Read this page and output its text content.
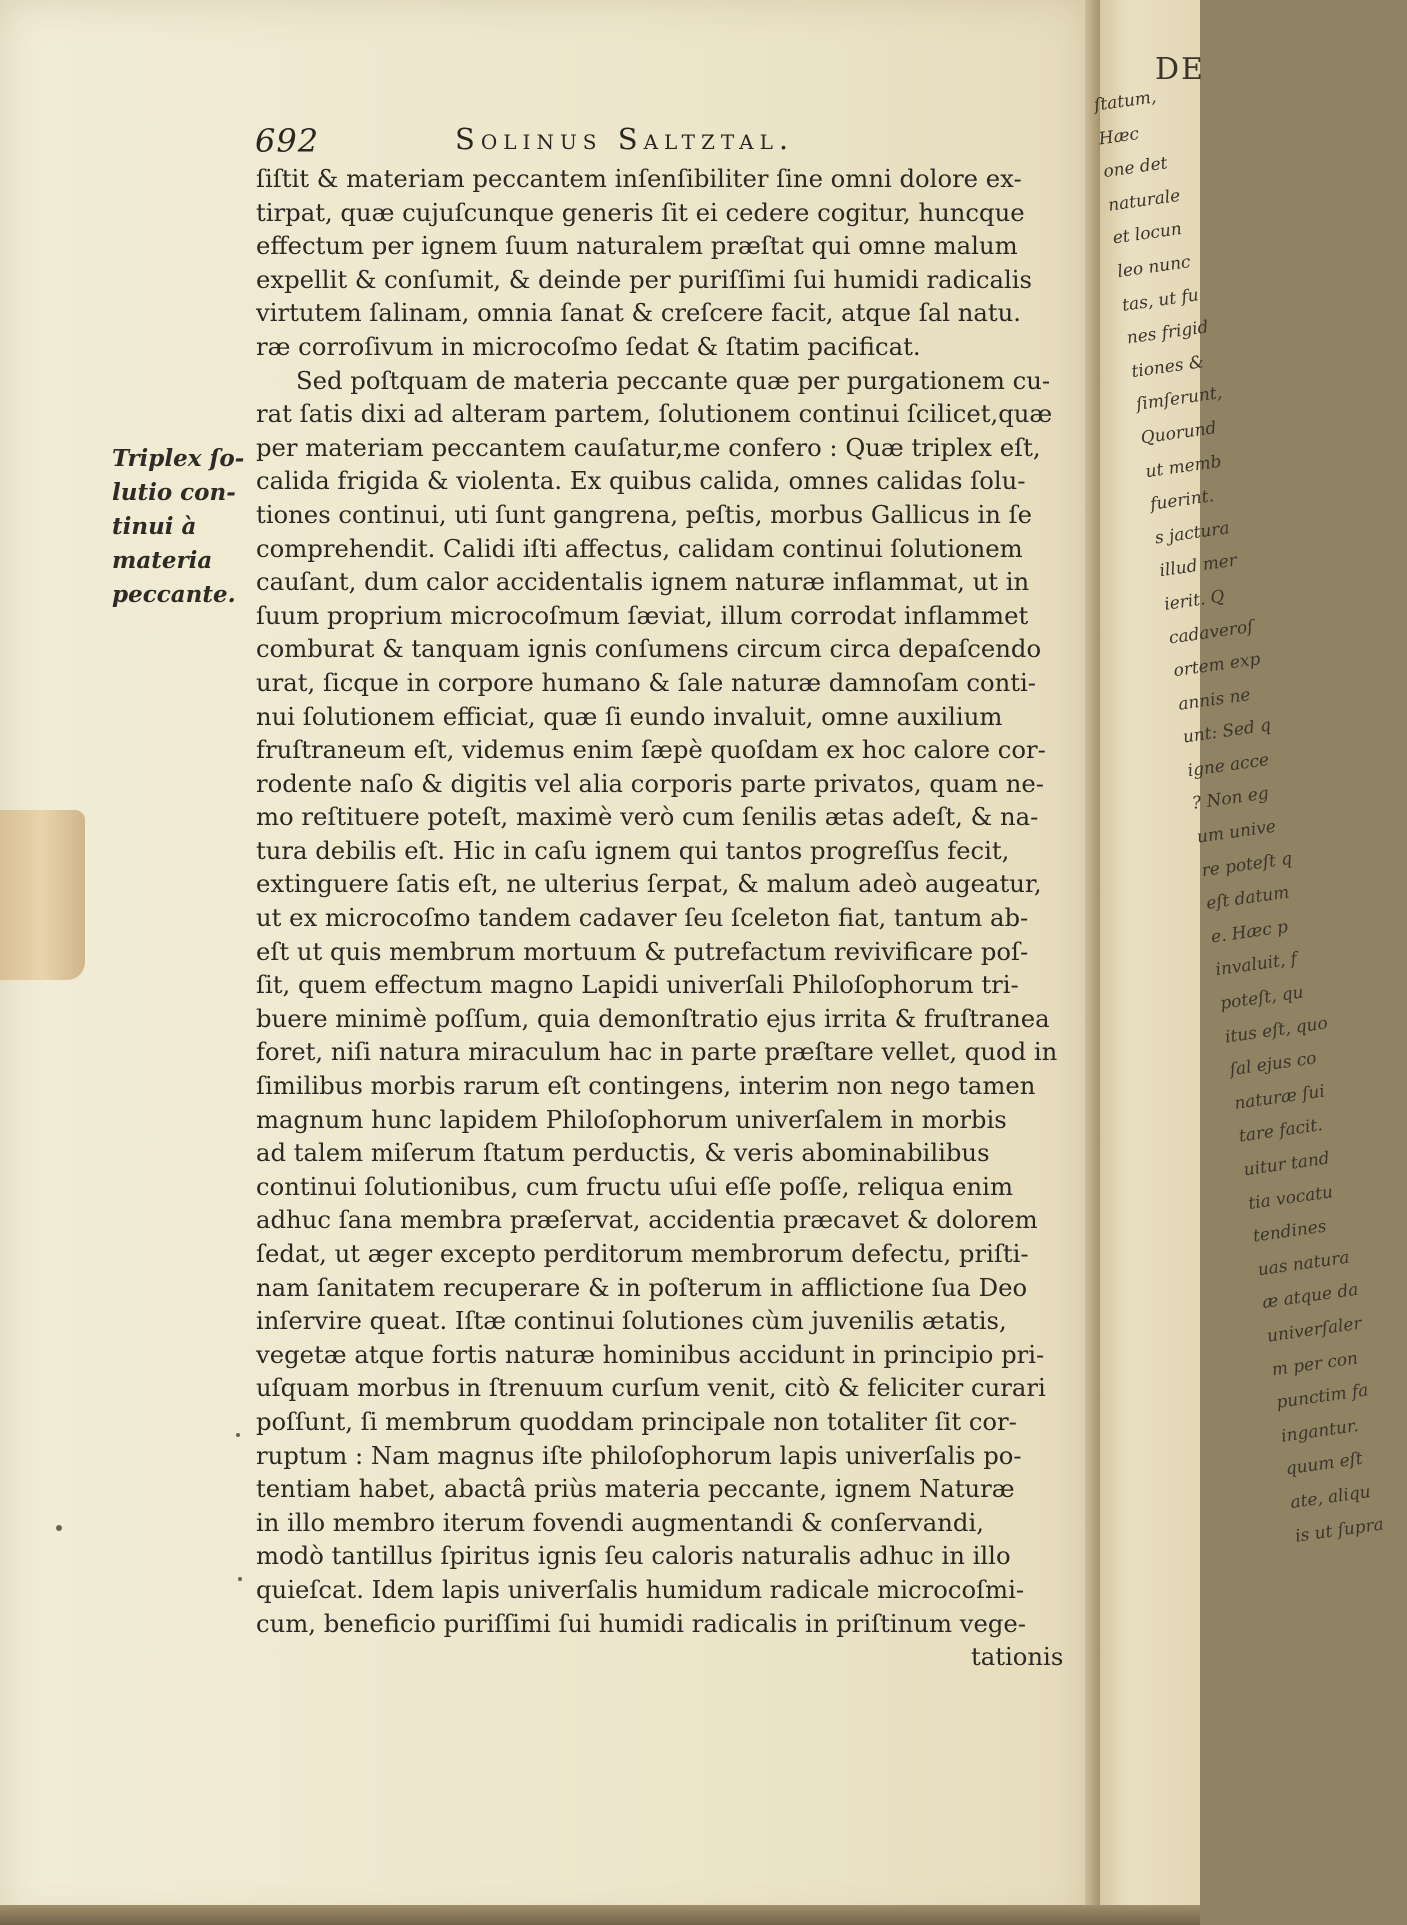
692	Solinus Saltztal.
Triplex ſo-
lutio con-
tinui à
materia
peccante.
ſiſtit & materiam peccantem inſenſibiliter ſine omni dolore ex-
tirpat, quæ cujuſcunque generis ſit ei cedere cogitur, huncque
effectum per ignem ſuum naturalem præſtat qui omne malum
expellit & conſumit, & deinde per puriſſimi ſui humidi radicalis
virtutem ſalinam, omnia ſanat & creſcere facit, atque ſal natu.
ræ corroſivum in microcoſmo ſedat & ſtatim pacificat.
Sed poſtquam de materia peccante quæ per purgationem cu-
rat ſatis dixi ad alteram partem, ſolutionem continui ſcilicet,quæ
per materiam peccantem cauſatur,me confero : Quæ triplex eſt,
calida frigida & violenta. Ex quibus calida, omnes calidas ſolu-
tiones continui, uti ſunt gangrena, peſtis, morbus Gallicus in ſe
comprehendit. Calidi iſti affectus, calidam continui ſolutionem
cauſant, dum calor accidentalis ignem naturæ inflammat, ut in
ſuum proprium microcoſmum ſæviat, illum corrodat inflammet
comburat & tanquam ignis conſumens circum circa depaſcendo
urat, ſicque in corpore humano & ſale naturæ damnoſam conti-
nui ſolutionem efficiat, quæ ſi eundo invaluit, omne auxilium
fruſtraneum eſt, videmus enim ſæpè quoſdam ex hoc calore cor-
rodente naſo & digitis vel alia corporis parte privatos, quam ne-
mo reſtituere poteſt, maximè verò cum ſenilis ætas adeſt, & na-
tura debilis eſt. Hic in caſu ignem qui tantos progreſſus fecit,
extinguere ſatis eſt, ne ulterius ſerpat, & malum adeò augeatur,
ut ex microcoſmo tandem cadaver ſeu ſceleton fiat, tantum ab-
eſt ut quis membrum mortuum & putrefactum revivificare poſ-
ſit, quem effectum magno Lapidi univerſali Philoſophorum tri-
buere minimè poſſum, quia demonſtratio ejus irrita & fruſtranea
foret, niſi natura miraculum hac in parte præſtare vellet, quod in
ſimilibus morbis rarum eſt contingens, interim non nego tamen
magnum hunc lapidem Philoſophorum univerſalem in morbis
ad talem miſerum ſtatum perductis, & veris abominabilibus
continui ſolutionibus, cum fructu uſui eſſe poſſe, reliqua enim
adhuc ſana membra præſervat, accidentia præcavet & dolorem
ſedat, ut æger excepto perditorum membrorum defectu, priſti-
nam ſanitatem recuperare & in poſterum in afflictione ſua Deo
inſervire queat. Iſtæ continui ſolutiones cùm juvenilis ætatis,
vegetæ atque fortis naturæ hominibus accidunt in principio pri-
uſquam morbus in ſtrenuum curſum venit, citò & feliciter curari
poſſunt, ſi membrum quoddam principale non totaliter ſit cor-
ruptum : Nam magnus iſte philoſophorum lapis univerſalis po-
tentiam habet, abactâ priùs materia peccante, ignem Naturæ
in illo membro iterum fovendi augmentandi & conſervandi,
modò tantillus ſpiritus ignis ſeu caloris naturalis adhuc in illo
quieſcat. Idem lapis univerſalis humidum radicale microcoſmi-
cum, beneficio puriſſimi ſui humidi radicalis in priſtinum vege-
tationis
DE
ſtatum,
Hæc
one det
naturale
et locun
leo nunc
tas, ut fu
nes frigid
tiones &
ſimſerunt,
Quorund
ut memb
fuerint.
s jactura
illud mer
ierit. Q
cadaveroſ
ortem exp
annis ne
unt: Sed q
igne acce
? Non eg
um unive
re poteſt q
eſt datum
e. Hæc p
invaluit, f
poteſt, qu
itus eſt, quo
ſal ejus co
naturæ ſui
tare facit.
uitur tand
tia vocatu
tendines
uas natura
æ atque da
univerſaler
m per con
punctim fa
ingantur.
quum eſt
ate, aliqu
is ut ſupra
